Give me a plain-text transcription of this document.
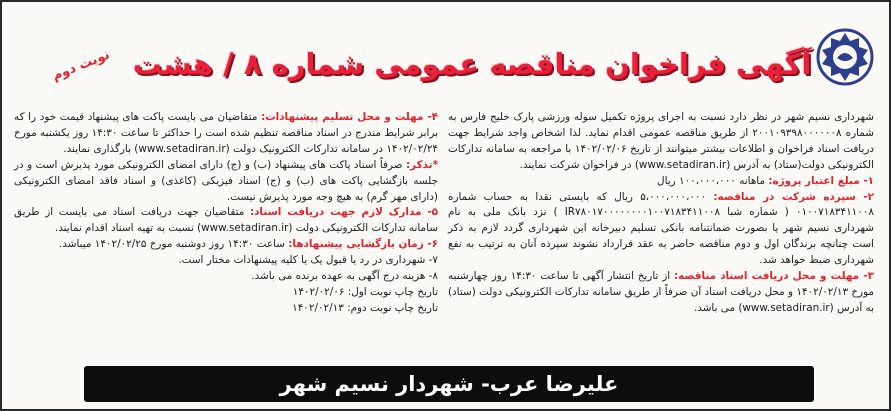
نوبت دوم آگهی فراخوان مناقصه عمومی شماره ۸ / هشت

شهرداری نسیم شهر در نظر دارد نسبت به اجرای پروژه تکمیل سوله ورزشی پارک خلیج فارس به شماره ۲۰۰۱۰۹۳۹۸۰۰۰۰۰۰۸ از طریق مناقصه عمومی اقدام نماید. لذا اشخاص واجد شرایط جهت دریافت اسناد فراخوان و اطلاعات بیشتر میتوانند از تاریخ ۱۴۰۲/۰۲/۰۶ با مراجعه به سامانه تدارکات الکترونیکی دولت(ستاد) به آدرس (www.setadiran.ir) در فراخوان شرکت نمایند.

۱- مبلغ اعتبار پروژه: ماهانه ۱۰۰،۰۰۰،۰۰۰ ریال

۲- سپرده شرکت در مناقصه: ۵،۰۰۰،۰۰۰،۰۰۰ ریال که بایستی نقدا به حساب شماره ۰۱۰۰۷۱۸۳۴۱۱۰۰۸ ( شماره شبا IR۷۸۰۱۷۰۰۰۰۰۰۰۰۱۰۰۷۱۸۳۴۱۱۰۰۸ ) نزد بانک ملی به نام شهرداری نسیم شهر یا بصورت ضمانتنامه بانکی تسلیم دبیرخانه این شهرداری گردد لازم به ذکر است چنانچه برندگان اول و دوم مناقصه حاضر به عقد قرارداد نشوند سپرده آنان به ترتیب به نفع شهرداری ضبط خواهد شد.

۳- مهلت و محل دریافت اسناد مناقصه: از تاریخ انتشار آگهی تا ساعت ۱۴:۳۰ روز چهارشنبه مورخ ۱۴۰۲/۰۲/۱۳ و محل دریافت اسناد آن صرفاً از طریق سامانه تدارکات الکترونیکی دولت (ستاد) به آدرس (www.setadiran.ir) می باشد.

۴- مهلت و محل تسلیم پیشنهادات: متقاضیان می بایست پاکت های پیشنهاد قیمت خود را که برابر شرایط مندرج در اسناد مناقصه تنظیم شده است را حداکثر تا ساعت ۱۴:۳۰ روز یکشنبه مورخ ۱۴۰۲/۰۲/۲۴ در سامانه تدارکات الکترونیک دولت (www.setadiran.ir) بارگذاری نمایند.

*تذکر: صرفاً اسناد پاکت های پیشنهاد (ب) و (ج) دارای امضای الکترونیکی مورد پذیرش است و در جلسه بازگشایی پاکت های (ب) و (ج) اسناد فیزیکی (کاغذی) و اسناد فاقد امضای الکترونیکی (دارای مهر گرم) به هیچ وجه مورد پذیرش نیست.

۵- مدارک لازم جهت دریافت اسناد: متقاضیان جهت دریافت اسناد می بایست از طریق سامانه تدارکات الکترونیکی دولت (www.setadiran.ir) نسبت به تهیه اسناد اقدام نمایند.

۶- زمان بازگشایی پیشنهادها: ساعت ۱۴:۳۰ روز دوشنبه مورخ ۱۴۰۲/۰۲/۲۵ میباشد.

۷- شهرداری در رد یا قبول یک یا کلیه پیشنهادات مختار است.

۸- هزینه درج آگهی به عهده برنده می باشد.

تاریخ چاپ نوبت اول: ۱۴۰۲/۰۲/۰۶

تاریخ چاپ نوبت دوم: ۱۴۰۲/۰۲/۱۳

علیرضا عرب- شهردار نسیم شهر
